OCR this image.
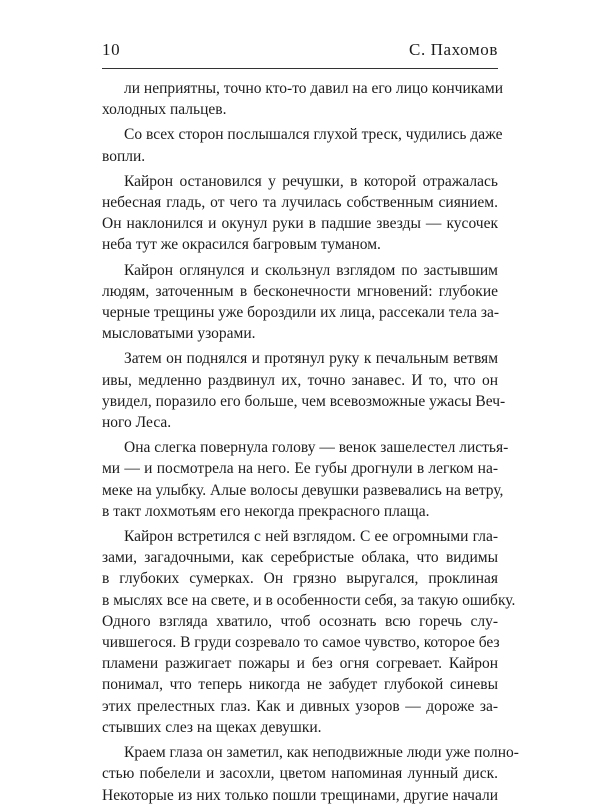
10	С. Пахомов
ли неприятны, точно кто-то давил на его лицо кончиками
холодных пальцев.
Со всех сторон послышался глухой треск, чудились даже
вопли.
Кайрон остановился у речушки, в которой отражалась
небесная гладь, от чего та лучилась собственным сиянием.
Он наклонился и окунул руки в падшие звезды — кусочек
неба тут же окрасился багровым туманом.
Кайрон оглянулся и скользнул взглядом по застывшим
людям, заточенным в бесконечности мгновений: глубокие
черные трещины уже бороздили их лица, рассекали тела за-
мысловатыми узорами.
Затем он поднялся и протянул руку к печальным ветвям
ивы, медленно раздвинул их, точно занавес. И то, что он
увидел, поразило его больше, чем всевозможные ужасы Веч-
ного Леса.
Она слегка повернула голову — венок зашелестел листья-
ми — и посмотрела на него. Ее губы дрогнули в легком на-
меке на улыбку. Алые волосы девушки развевались на ветру,
в такт лохмотьям его некогда прекрасного плаща.
Кайрон встретился с ней взглядом. С ее огромными гла-
зами, загадочными, как серебристые облака, что видимы
в глубоких сумерках. Он грязно выругался, проклиная
в мыслях все на свете, и в особенности себя, за такую ошибку.
Одного взгляда хватило, чтоб осознать всю горечь слу-
чившегося. В груди созревало то самое чувство, которое без
пламени разжигает пожары и без огня согревает. Кайрон
понимал, что теперь никогда не забудет глубокой синевы
этих прелестных глаз. Как и дивных узоров — дороже за-
стывших слез на щеках девушки.
Краем глаза он заметил, как неподвижные люди уже полно-
стью побелели и засохли, цветом напоминая лунный диск.
Некоторые из них только пошли трещинами, другие начали
